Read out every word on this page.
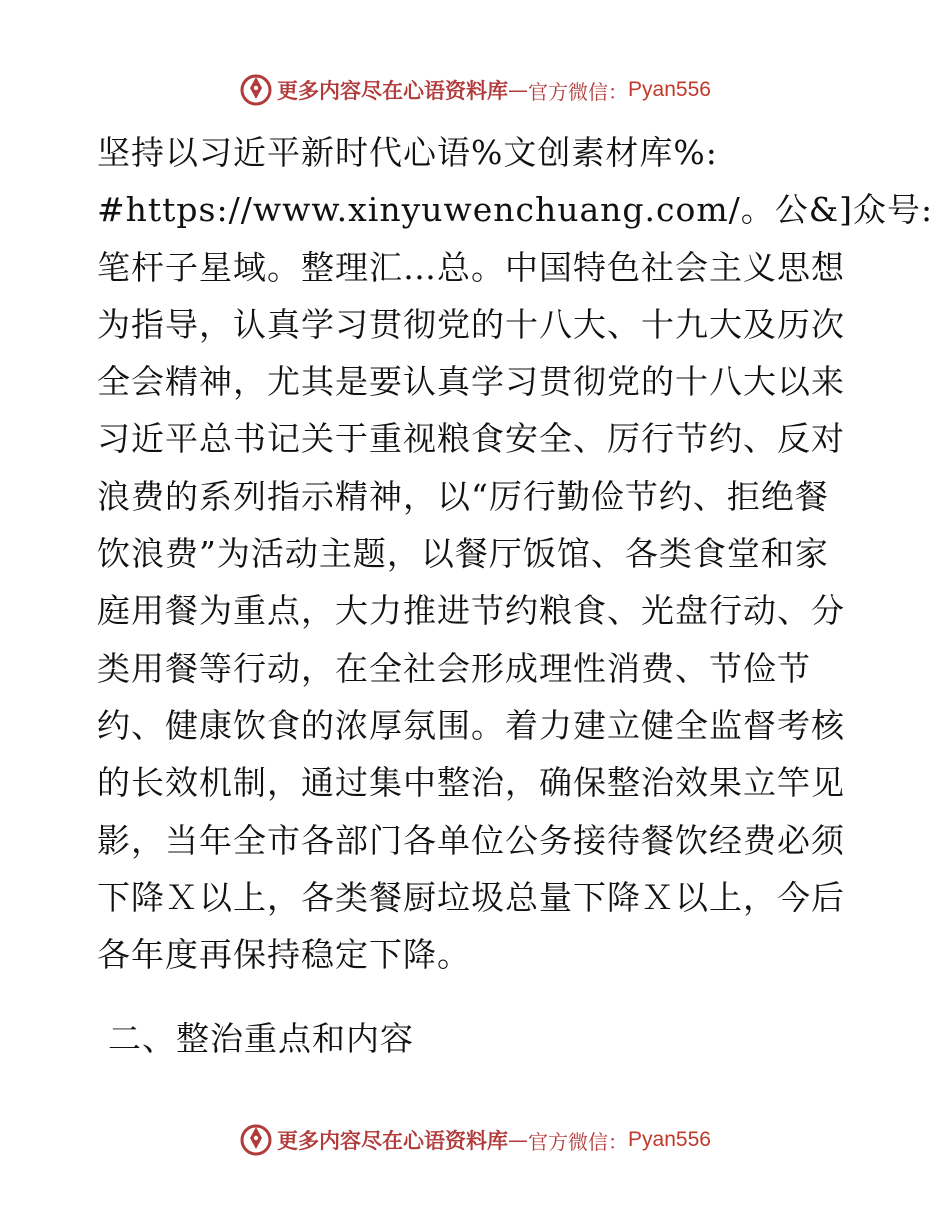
更多内容尽在心语资料库 — 官方微信： Pyan556
坚持以习近平新时代心语%文创素材库%:
#https://www.xinyuwenchuang.com/。公&]众号:
笔杆子星域。整理汇…总。中国特色社会主义思想
为指导，认真学习贯彻党的十八大、十九大及历次
全会精神，尤其是要认真学习贯彻党的十八大以来
习近平总书记关于重视粮食安全、厉行节约、反对
浪费的系列指示精神，以“厉行勤俭节约、拒绝餐
饮浪费”为活动主题，以餐厅饭馆、各类食堂和家
庭用餐为重点，大力推进节约粮食、光盘行动、分
类用餐等行动，在全社会形成理性消费、节俭节
约、健康饮食的浓厚氛围。着力建立健全监督考核
的长效机制，通过集中整治，确保整治效果立竿见
影，当年全市各部门各单位公务接待餐饮经费必须
下降Ｘ以上，各类餐厨垃圾总量下降Ｘ以上，今后
各年度再保持稳定下降。
二、整治重点和内容
更多内容尽在心语资料库 — 官方微信： Pyan556
